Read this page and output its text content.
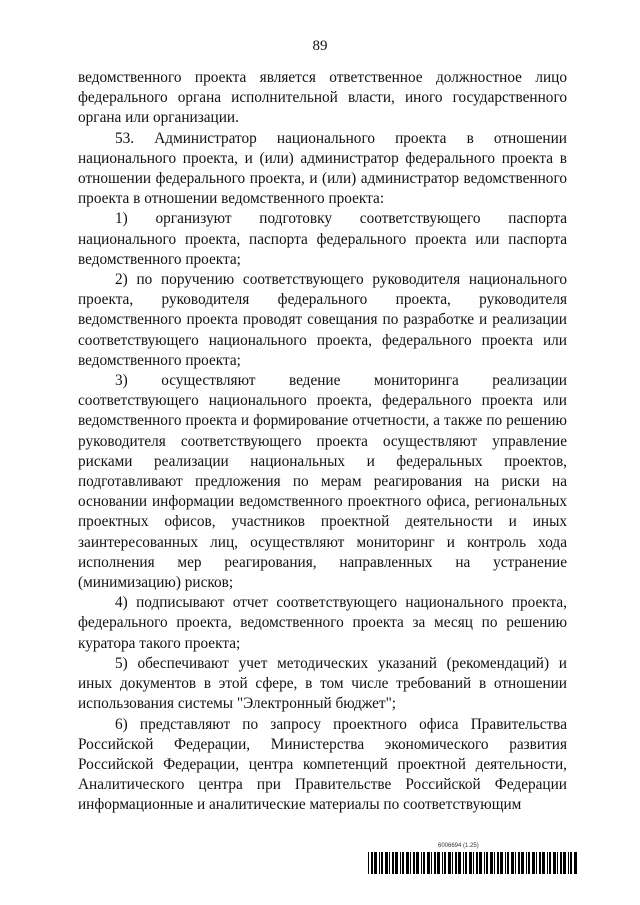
89

ведомственного проекта является ответственное должностное лицо федерального органа исполнительной власти, иного государственного органа или организации.

53. Администратор национального проекта в отношении национального проекта, и (или) администратор федерального проекта в отношении федерального проекта, и (или) администратор ведомственного проекта в отношении ведомственного проекта:

1) организуют подготовку соответствующего паспорта национального проекта, паспорта федерального проекта или паспорта ведомственного проекта;

2) по поручению соответствующего руководителя национального проекта, руководителя федерального проекта, руководителя ведомственного проекта проводят совещания по разработке и реализации соответствующего национального проекта, федерального проекта или ведомственного проекта;

3) осуществляют ведение мониторинга реализации соответствующего национального проекта, федерального проекта или ведомственного проекта и формирование отчетности, а также по решению руководителя соответствующего проекта осуществляют управление рисками реализации национальных и федеральных проектов, подготавливают предложения по мерам реагирования на риски на основании информации ведомственного проектного офиса, региональных проектных офисов, участников проектной деятельности и иных заинтересованных лиц, осуществляют мониторинг и контроль хода исполнения мер реагирования, направленных на устранение (минимизацию) рисков;

4) подписывают отчет соответствующего национального проекта, федерального проекта, ведомственного проекта за месяц по решению куратора такого проекта;

5) обеспечивают учет методических указаний (рекомендаций) и иных документов в этой сфере, в том числе требований в отношении использования системы "Электронный бюджет";

6) представляют по запросу проектного офиса Правительства Российской Федерации, Министерства экономического развития Российской Федерации, центра компетенций проектной деятельности, Аналитического центра при Правительстве Российской Федерации информационные и аналитические материалы по соответствующим

6006694 (1.25)
